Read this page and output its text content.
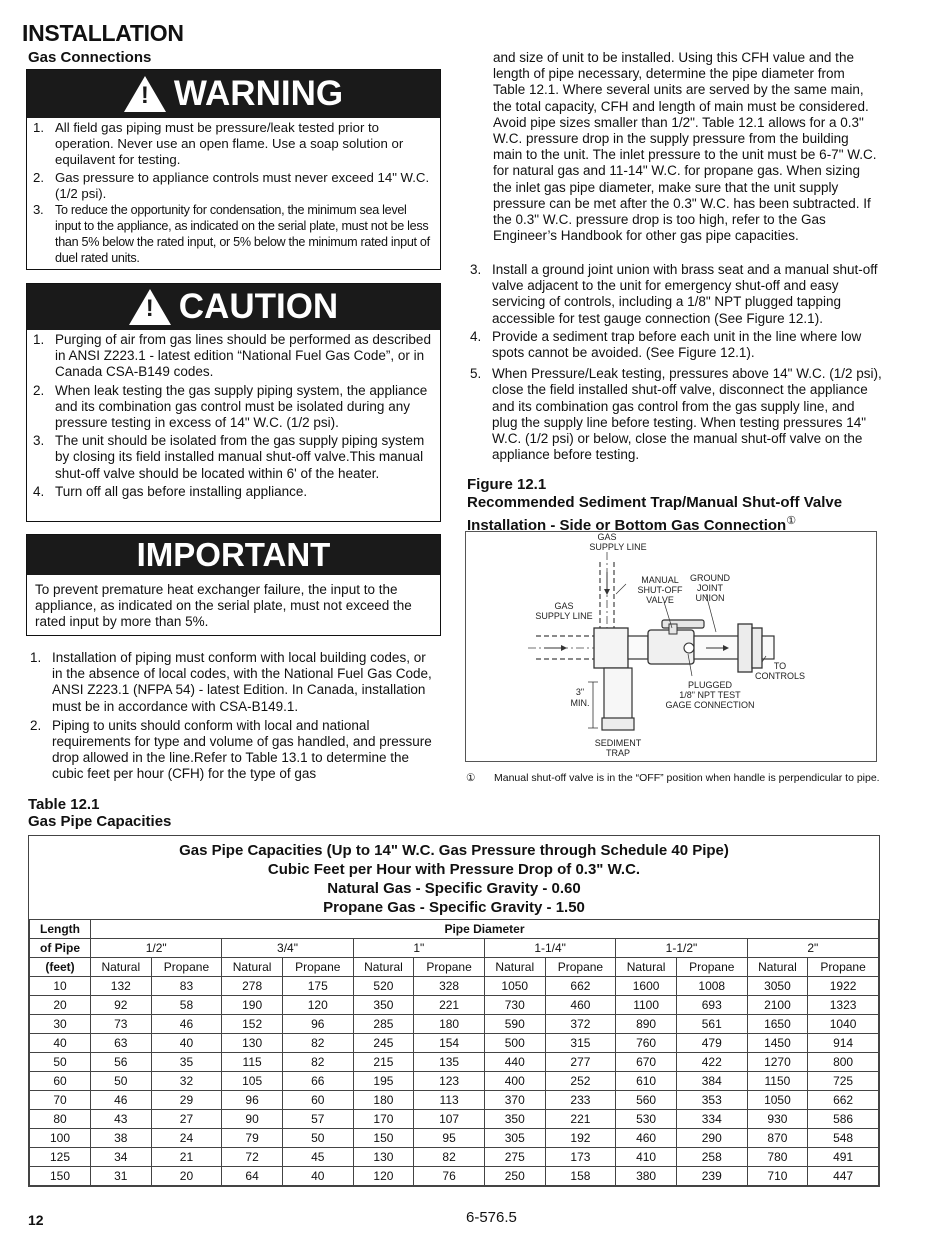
INSTALLATION
Gas Connections
! WARNING
1. All field gas piping must be pressure/leak tested prior to operation. Never use an open flame. Use a soap solution or equilavent for testing.
2. Gas pressure to appliance controls must never exceed 14" W.C. (1/2 psi).
3. To reduce the opportunity for condensation, the minimum sea level input to the appliance, as indicated on the serial plate, must not be less than 5% below the rated input, or 5% below the minimum rated input of duel rated units.
! CAUTION
1. Purging of air from gas lines should be performed as described in ANSI Z223.1 - latest edition “National Fuel Gas Code”, or in Canada CSA-B149 codes.
2. When leak testing the gas supply piping system, the appliance and its combination gas control must be isolated during any pressure testing in excess of 14" W.C. (1/2 psi).
3. The unit should be isolated from the gas supply piping system by closing its field installed manual shut-off valve.This manual shut-off valve should be located within 6' of the heater.
4. Turn off all gas before installing appliance.
IMPORTANT
To prevent premature heat exchanger failure, the input to the appliance, as indicated on the serial plate, must not exceed the rated input by more than 5%.
1. Installation of piping must conform with local building codes, or in the absence of local codes, with the National Fuel Gas Code, ANSI Z223.1 (NFPA 54) - latest Edition. In Canada, installation must be in accordance with CSA-B149.1.
2. Piping to units should conform with local and national requirements for type and volume of gas handled, and pressure drop allowed in the line.Refer to Table 13.1 to determine the cubic feet per hour (CFH) for the type of gas
and size of unit to be installed. Using this CFH value and the length of pipe necessary, determine the pipe diameter from Table 12.1. Where several units are served by the same main, the total capacity, CFH and length of main must be considered. Avoid pipe sizes smaller than 1/2". Table 12.1 allows for a 0.3" W.C. pressure drop in the supply pressure from the building main to the unit. The inlet pressure to the unit must be 6-7" W.C. for natural gas and 11-14" W.C. for propane gas. When sizing the inlet gas pipe diameter, make sure that the unit supply pressure can be met after the 0.3" W.C. has been subtracted. If the 0.3" W.C. pressure drop is too high, refer to the Gas Engineer’s Handbook for other gas pipe capacities.
3. Install a ground joint union with brass seat and a manual shut-off valve adjacent to the unit for emergency shut-off and easy servicing of controls, including a 1/8" NPT plugged tapping accessible for test gauge connection (See Figure 12.1).
4. Provide a sediment trap before each unit in the line where low spots cannot be avoided. (See Figure 12.1).
5. When Pressure/Leak testing, pressures above 14" W.C. (1/2 psi), close the field installed shut-off valve, disconnect the appliance and its combination gas control from the gas supply line, and plug the supply line before testing. When testing pressures 14" W.C. (1/2 psi) or below, close the manual shut-off valve on the appliance before testing.
Figure 12.1
Recommended Sediment Trap/Manual Shut-off Valve
Installation - Side or Bottom Gas Connection①
GAS
SUPPLY LINE
GAS
SUPPLY LINE
MANUAL
SHUT-OFF
VALVE
GROUND
JOINT
UNION
TO
CONTROLS
PLUGGED
1/8" NPT TEST
GAGE CONNECTION
3"
MIN.
SEDIMENT
TRAP
① Manual shut-off valve is in the “OFF” position when handle is perpendicular to pipe.
Table 12.1
Gas Pipe Capacities
Gas Pipe Capacities (Up to 14" W.C. Gas Pressure through Schedule 40 Pipe)
Cubic Feet per Hour with Pressure Drop of 0.3" W.C.
Natural Gas - Specific Gravity - 0.60
Propane Gas - Specific Gravity - 1.50
Length	Pipe Diameter											
of Pipe	1/2"		3/4"		1"		1-1/4"		1-1/2"		2"	
(feet)	Natural	Propane	Natural	Propane	Natural	Propane	Natural	Propane	Natural	Propane	Natural	Propane
10	132	83	278	175	520	328	1050	662	1600	1008	3050	1922
20	92	58	190	120	350	221	730	460	1100	693	2100	1323
30	73	46	152	96	285	180	590	372	890	561	1650	1040
40	63	40	130	82	245	154	500	315	760	479	1450	914
50	56	35	115	82	215	135	440	277	670	422	1270	800
60	50	32	105	66	195	123	400	252	610	384	1150	725
70	46	29	96	60	180	113	370	233	560	353	1050	662
80	43	27	90	57	170	107	350	221	530	334	930	586
100	38	24	79	50	150	95	305	192	460	290	870	548
125	34	21	72	45	130	82	275	173	410	258	780	491
150	31	20	64	40	120	76	250	158	380	239	710	447
12	6-576.5
